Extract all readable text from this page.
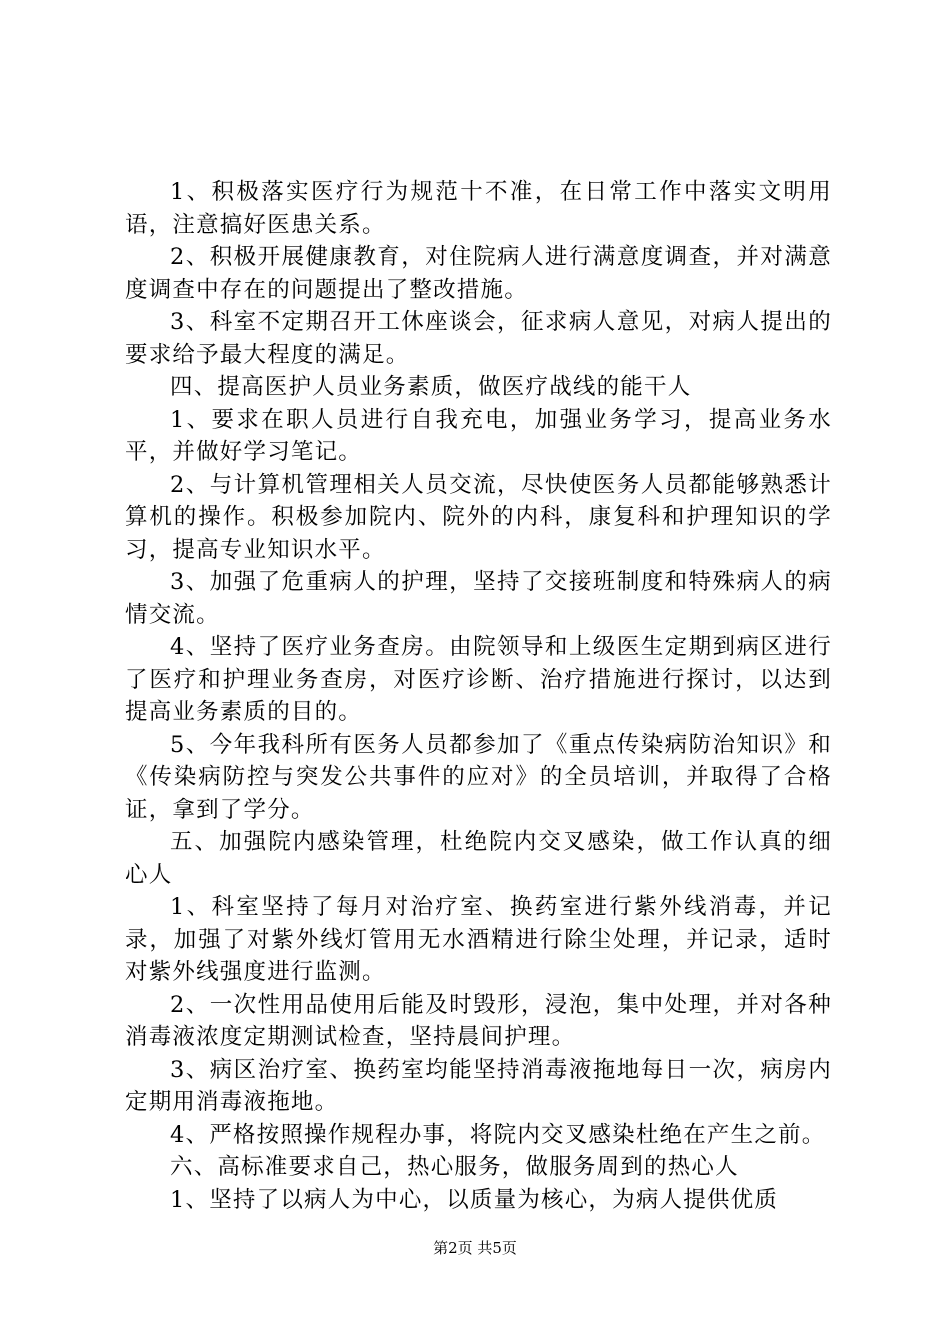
1、积极落实医疗行为规范十不准，在日常工作中落实文明用语，注意搞好医患关系。

2、积极开展健康教育，对住院病人进行满意度调查，并对满意度调查中存在的问题提出了整改措施。

3、科室不定期召开工休座谈会，征求病人意见，对病人提出的要求给予最大程度的满足。

四、提高医护人员业务素质，做医疗战线的能干人

1、要求在职人员进行自我充电，加强业务学习，提高业务水平，并做好学习笔记。

2、与计算机管理相关人员交流，尽快使医务人员都能够熟悉计算机的操作。积极参加院内、院外的内科，康复科和护理知识的学习，提高专业知识水平。

3、加强了危重病人的护理，坚持了交接班制度和特殊病人的病情交流。

4、坚持了医疗业务查房。由院领导和上级医生定期到病区进行了医疗和护理业务查房，对医疗诊断、治疗措施进行探讨，以达到提高业务素质的目的。

5、今年我科所有医务人员都参加了《重点传染病防治知识》和《传染病防控与突发公共事件的应对》的全员培训，并取得了合格证，拿到了学分。

五、加强院内感染管理，杜绝院内交叉感染，做工作认真的细心人

1、科室坚持了每月对治疗室、换药室进行紫外线消毒，并记录，加强了对紫外线灯管用无水酒精进行除尘处理，并记录，适时对紫外线强度进行监测。

2、一次性用品使用后能及时毁形，浸泡，集中处理，并对各种消毒液浓度定期测试检查，坚持晨间护理。

3、病区治疗室、换药室均能坚持消毒液拖地每日一次，病房内定期用消毒液拖地。

4、严格按照操作规程办事，将院内交叉感染杜绝在产生之前。

六、高标准要求自己，热心服务，做服务周到的热心人

1、坚持了以病人为中心，以质量为核心，为病人提供优质

第2页 共5页
